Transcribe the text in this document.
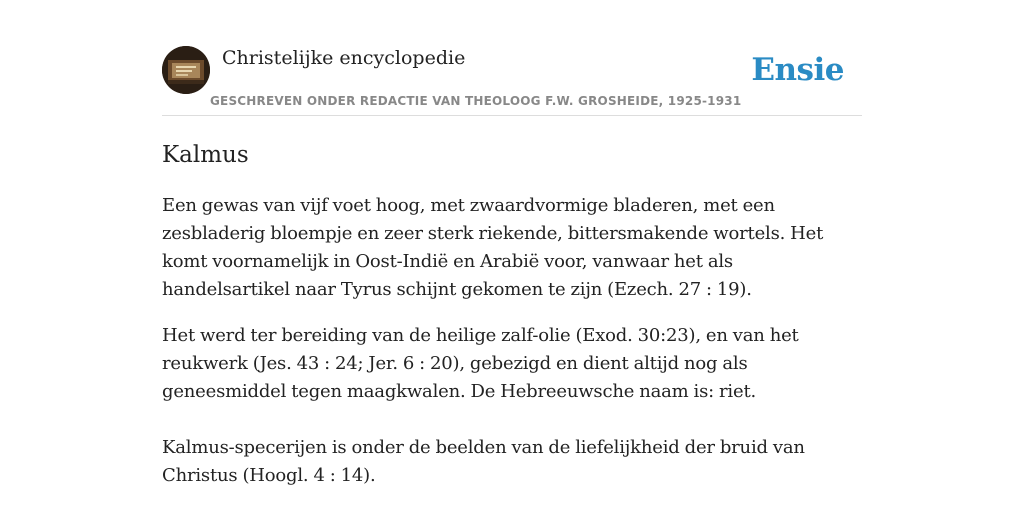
Christelijke encyclopedie
GESCHREVEN ONDER REDACTIE VAN THEOLOOG F.W. GROSHEIDE, 1925-1931
Ensie
Kalmus

Een gewas van vijf voet hoog, met zwaardvormige bladeren, met een zesbladerig bloempje en zeer sterk riekende, bittersmakende wortels. Het komt voornamelijk in Oost-Indië en Arabië voor, vanwaar het als handelsartikel naar Tyrus schijnt gekomen te zijn (Ezech. 27 : 19).

Het werd ter bereiding van de heilige zalf-olie (Exod. 30:23), en van het reukwerk (Jes. 43 : 24; Jer. 6 : 20), gebezigd en dient altijd nog als geneesmiddel tegen maagkwalen. De Hebreeuwsche naam is: riet.

Kalmus-specerijen is onder de beelden van de liefelijkheid der bruid van Christus (Hoogl. 4 : 14).
